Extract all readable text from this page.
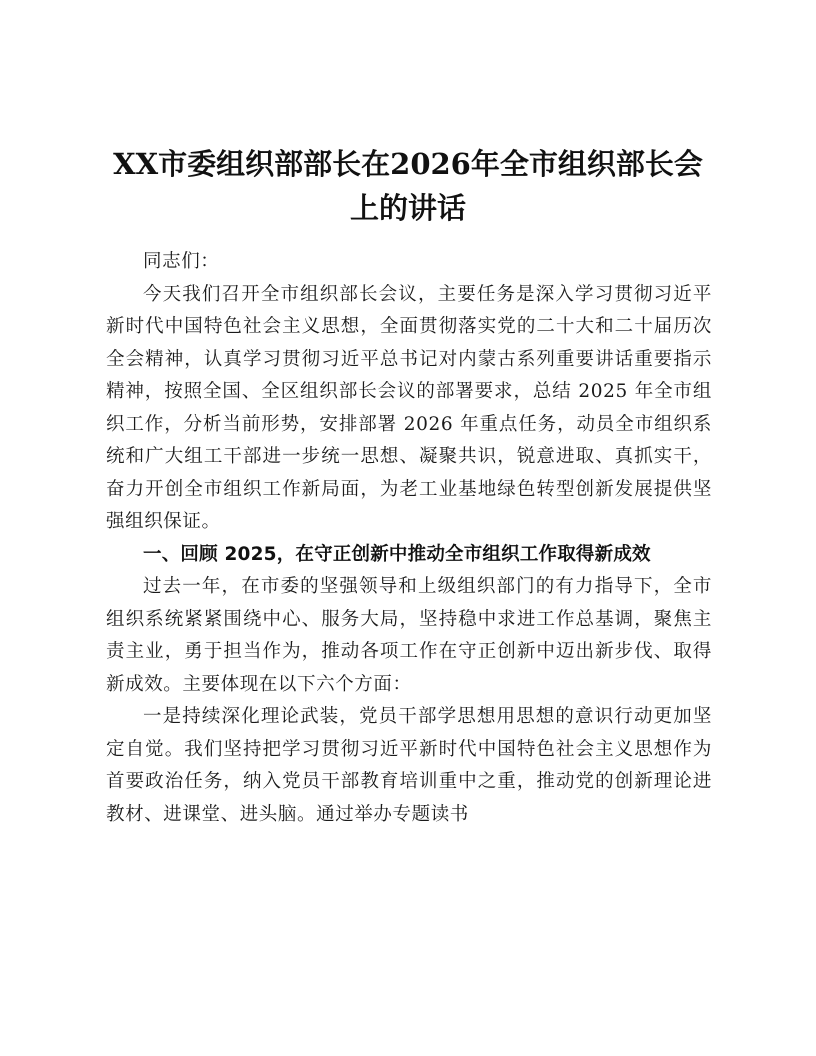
XX市委组织部部长在2026年全市组织部长会上的讲话

同志们：

今天我们召开全市组织部长会议，主要任务是深入学习贯彻习近平新时代中国特色社会主义思想，全面贯彻落实党的二十大和二十届历次全会精神，认真学习贯彻习近平总书记对内蒙古系列重要讲话重要指示精神，按照全国、全区组织部长会议的部署要求，总结 2025 年全市组织工作，分析当前形势，安排部署 2026 年重点任务，动员全市组织系统和广大组工干部进一步统一思想、凝聚共识，锐意进取、真抓实干，奋力开创全市组织工作新局面，为老工业基地绿色转型创新发展提供坚强组织保证。

一、回顾 2025，在守正创新中推动全市组织工作取得新成效

过去一年，在市委的坚强领导和上级组织部门的有力指导下，全市组织系统紧紧围绕中心、服务大局，坚持稳中求进工作总基调，聚焦主责主业，勇于担当作为，推动各项工作在守正创新中迈出新步伐、取得新成效。主要体现在以下六个方面：

一是持续深化理论武装，党员干部学思想用思想的意识行动更加坚定自觉。我们坚持把学习贯彻习近平新时代中国特色社会主义思想作为首要政治任务，纳入党员干部教育培训重中之重，推动党的创新理论进教材、进课堂、进头脑。通过举办专题读书
